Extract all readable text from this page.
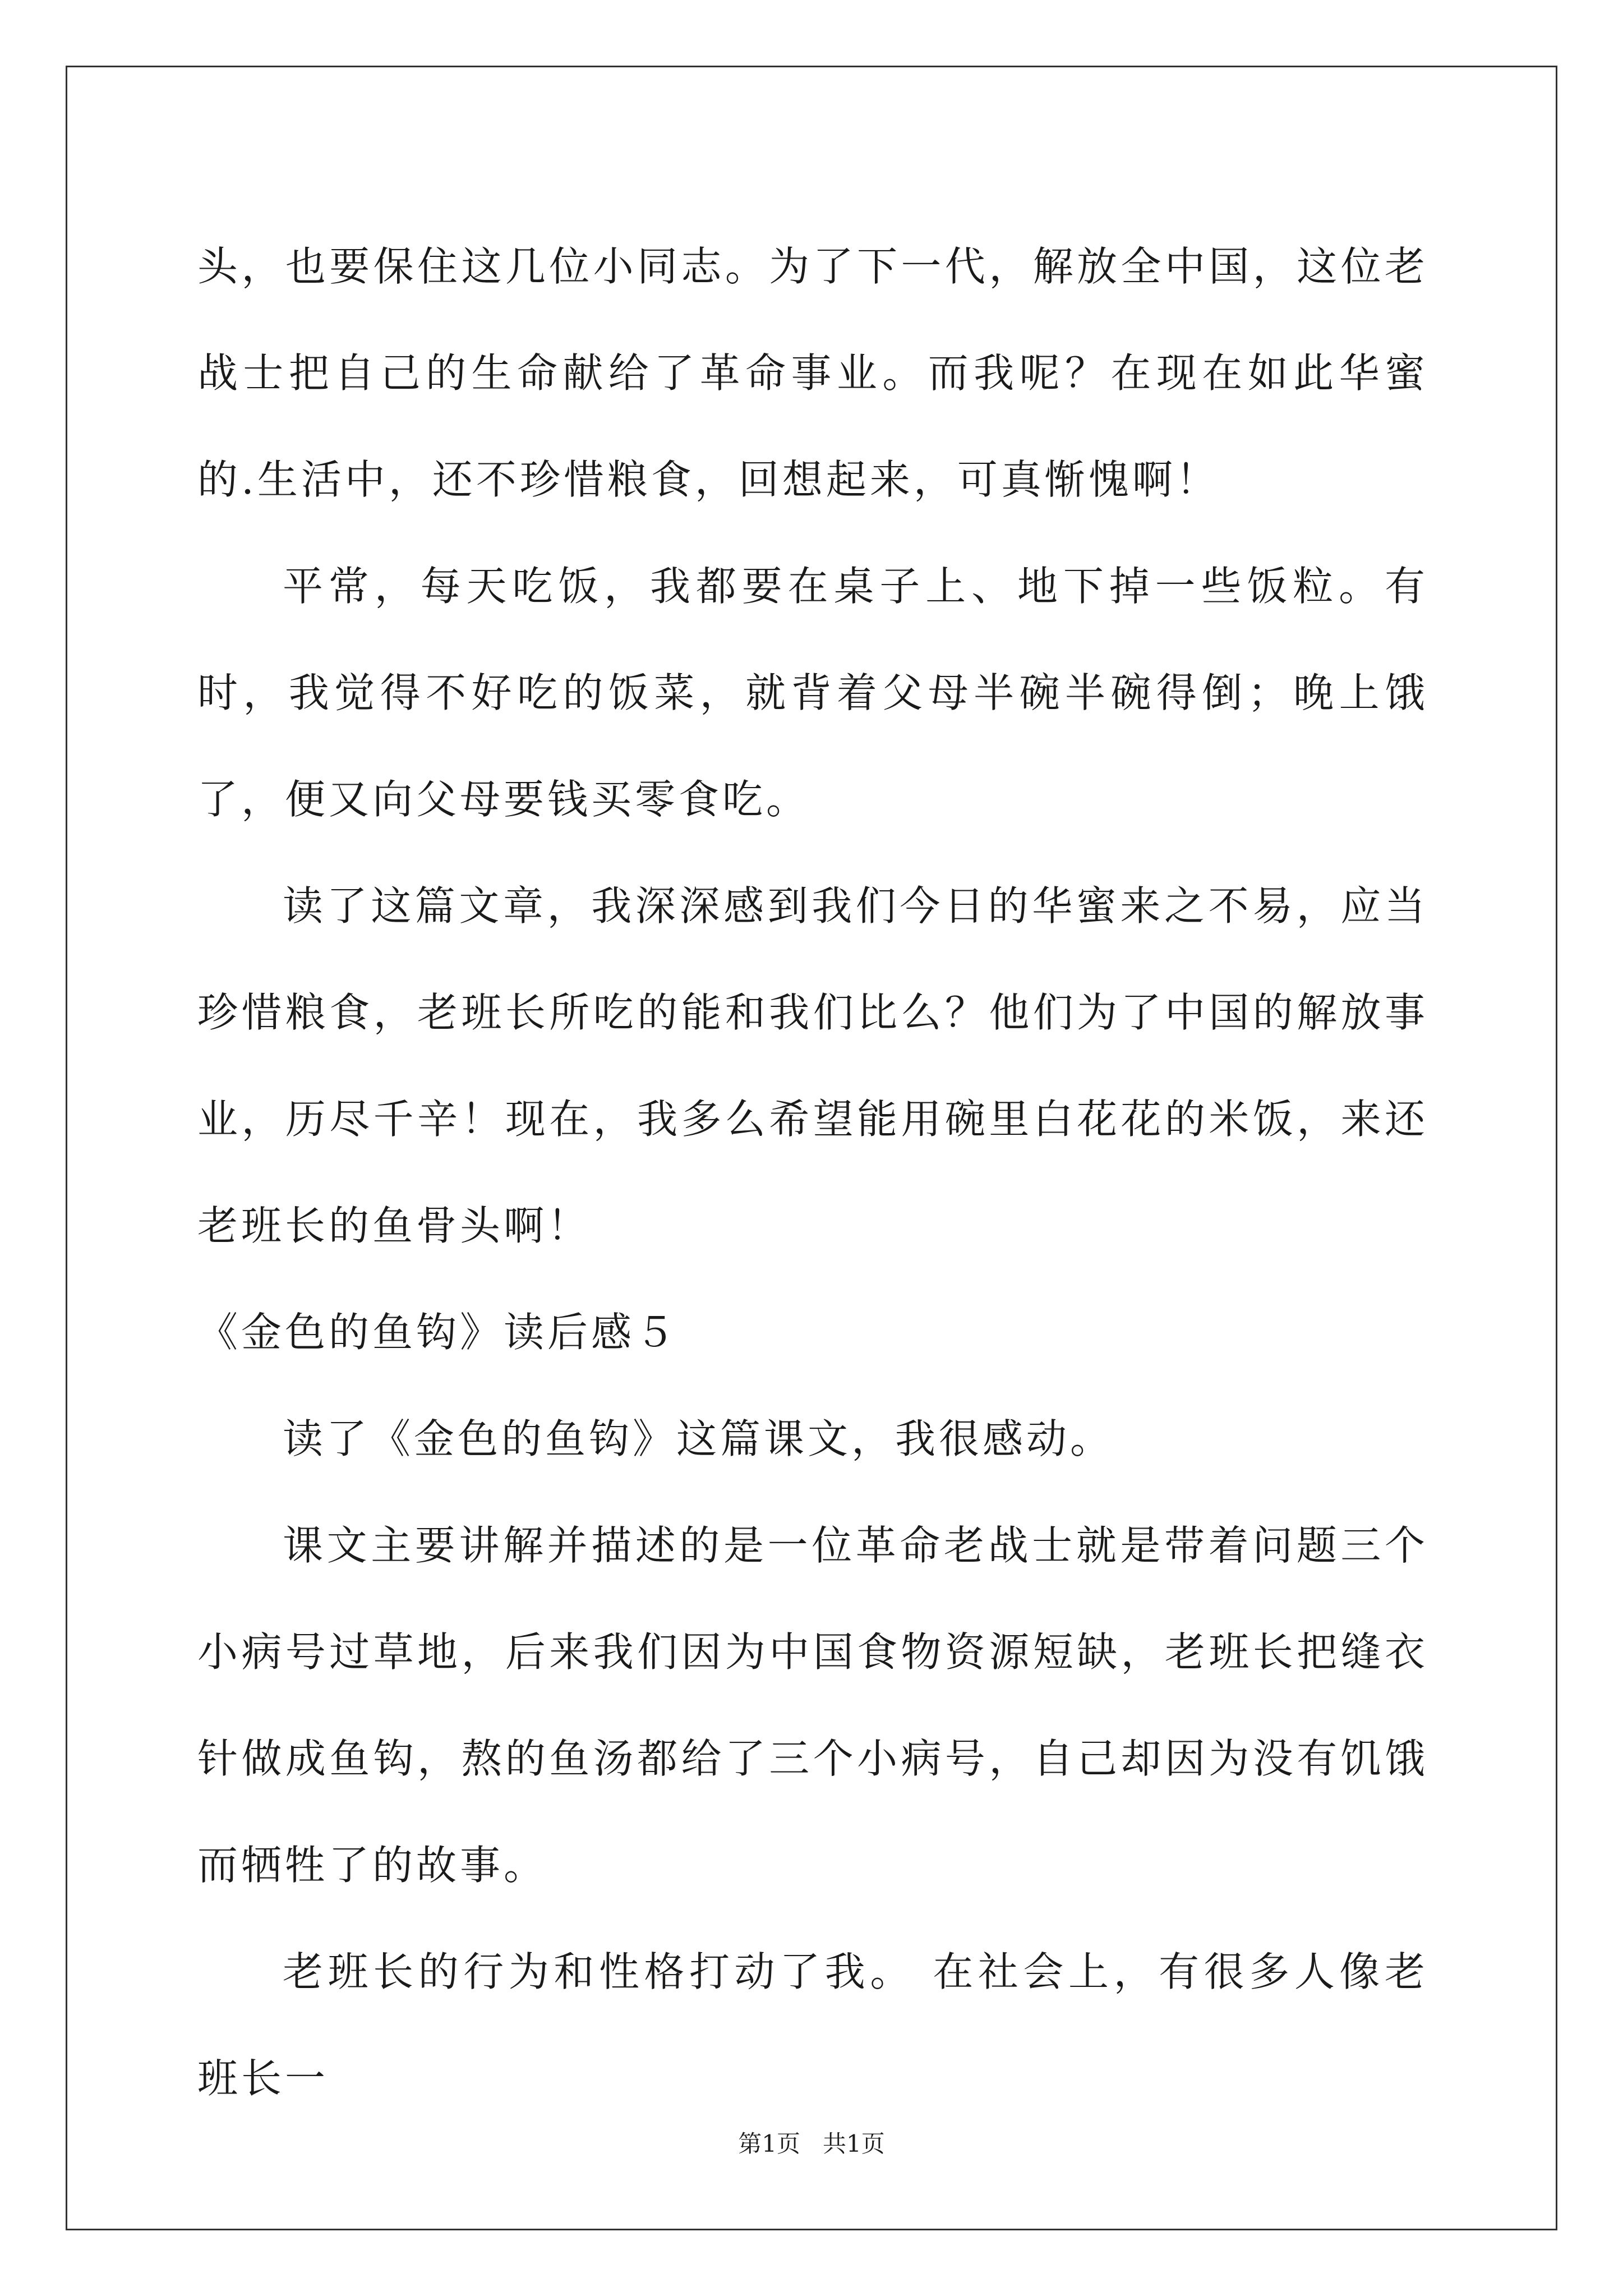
头，也要保住这几位小同志。为了下一代，解放全中国，这位老战士把自己的生命献给了革命事业。而我呢？在现在如此华蜜的.生活中，还不珍惜粮食，回想起来，可真惭愧啊！

平常，每天吃饭，我都要在桌子上、地下掉一些饭粒。有时，我觉得不好吃的饭菜，就背着父母半碗半碗得倒；晚上饿了，便又向父母要钱买零食吃。

读了这篇文章，我深深感到我们今日的华蜜来之不易，应当珍惜粮食，老班长所吃的能和我们比么？他们为了中国的解放事业，历尽千辛！现在，我多么希望能用碗里白花花的米饭，来还老班长的鱼骨头啊！

《金色的鱼钩》读后感５

读了《金色的鱼钩》这篇课文，我很感动。

课文主要讲解并描述的是一位革命老战士就是带着问题三个小病号过草地，后来我们因为中国食物资源短缺，老班长把缝衣针做成鱼钩，熬的鱼汤都给了三个小病号，自己却因为没有饥饿而牺牲了的故事。

老班长的行为和性格打动了我。 在社会上，有很多人像老班长一

第1页 共1页
